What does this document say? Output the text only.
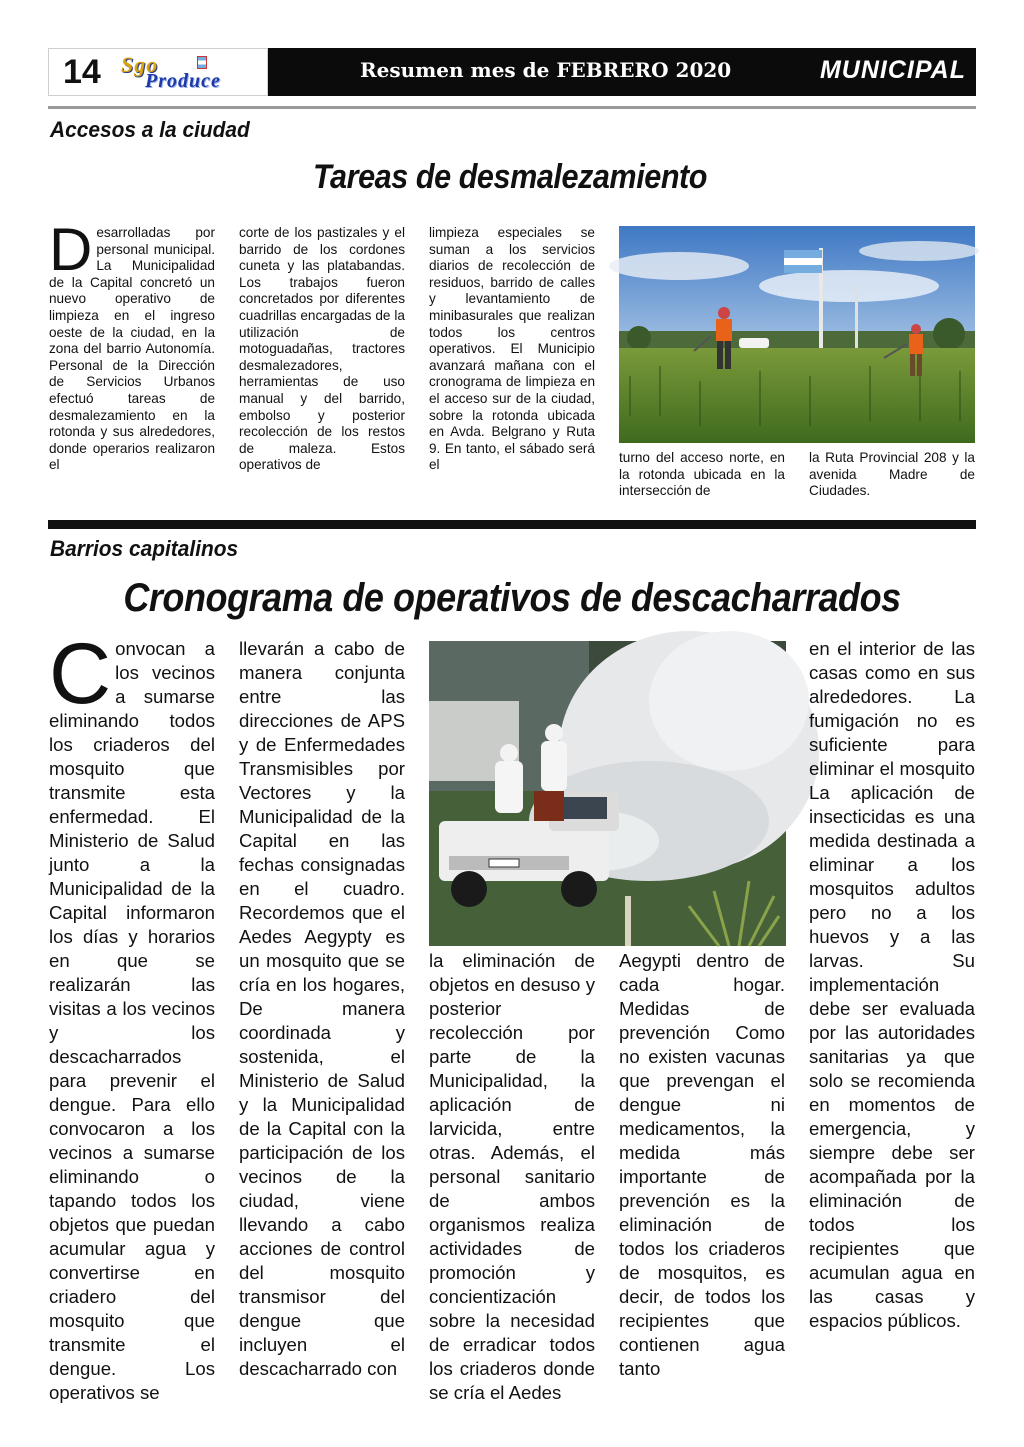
14 Sgo
Produce	Resumen mes de FEBRERO 2020	MUNICIPAL
Accesos a la ciudad
Tareas de desmalezamiento
Desarrolladas por personal municipal. La Municipalidad de la Capital concretó un nuevo operativo de limpieza en el ingreso oeste de la ciudad, en la zona del barrio Autonomía. Personal de la Dirección de Servicios Urbanos efectuó tareas de desmalezamiento en la rotonda y sus alrededores, donde operarios realizaron el
corte de los pastizales y el barrido de los cordones cuneta y las platabandas. Los trabajos fueron concretados por diferentes cuadrillas encargadas de la utilización de motoguadañas, tractores desmalezadores, herramientas de uso manual y del barrido, embolso y posterior recolección de los restos de maleza. Estos operativos de
limpieza especiales se suman a los servicios diarios de recolección de residuos, barrido de calles y levantamiento de minibasurales que realizan todos los centros operativos. El Municipio avanzará mañana con el cronograma de limpieza en el acceso sur de la ciudad, sobre la rotonda ubicada en Avda. Belgrano y Ruta 9. En tanto, el sábado será el	turno del acceso norte, en la rotonda ubicada en la intersección de
la Ruta Provincial 208 y la avenida Madre de Ciudades.
Barrios capitalinos
Cronograma de operativos de descacharrados
Convocan a los vecinos a sumarse eliminando todos los criaderos del mosquito que transmite esta enfermedad. El Ministerio de Salud junto a la Municipalidad de la Capital informaron los días y horarios en que se realizarán las visitas a los vecinos y los descacharrados para prevenir el dengue. Para ello convocaron a los vecinos a sumarse eliminando o tapando todos los objetos que puedan acumular agua y convertirse en criadero del mosquito que transmite el dengue. Los operativos se
llevarán a cabo de manera conjunta entre las direcciones de APS y de Enfermedades Transmisibles por Vectores y la Municipalidad de la Capital en las fechas consignadas en el cuadro. Recordemos que el Aedes Aegypty es un mosquito que se cría en los hogares, De manera coordinada y sostenida, el Ministerio de Salud y la Municipalidad de la Capital con la participación de los vecinos de la ciudad, viene llevando a cabo acciones de control del mosquito transmisor del dengue que incluyen el descacharrado con
la eliminación de objetos en desuso y posterior recolección por parte de la Municipalidad, la aplicación de larvicida, entre otras. Además, el personal sanitario de ambos organismos realiza actividades de promoción y concientización sobre la necesidad de erradicar todos los criaderos donde se cría el Aedes
Aegypti dentro de cada hogar. Medidas de prevención Como no existen vacunas que prevengan el dengue ni medicamentos, la medida más importante de prevención es la eliminación de todos los criaderos de mosquitos, es decir, de todos los recipientes que contienen agua tanto
en el interior de las casas como en sus alrededores. La fumigación no es suficiente para eliminar el mosquito La aplicación de insecticidas es una medida destinada a eliminar a los mosquitos adultos pero no a los huevos y a las larvas. Su implementación debe ser evaluada por las autoridades sanitarias ya que solo se recomienda en momentos de emergencia, y siempre debe ser acompañada por la eliminación de todos los recipientes que acumulan agua en las casas y espacios públicos.
